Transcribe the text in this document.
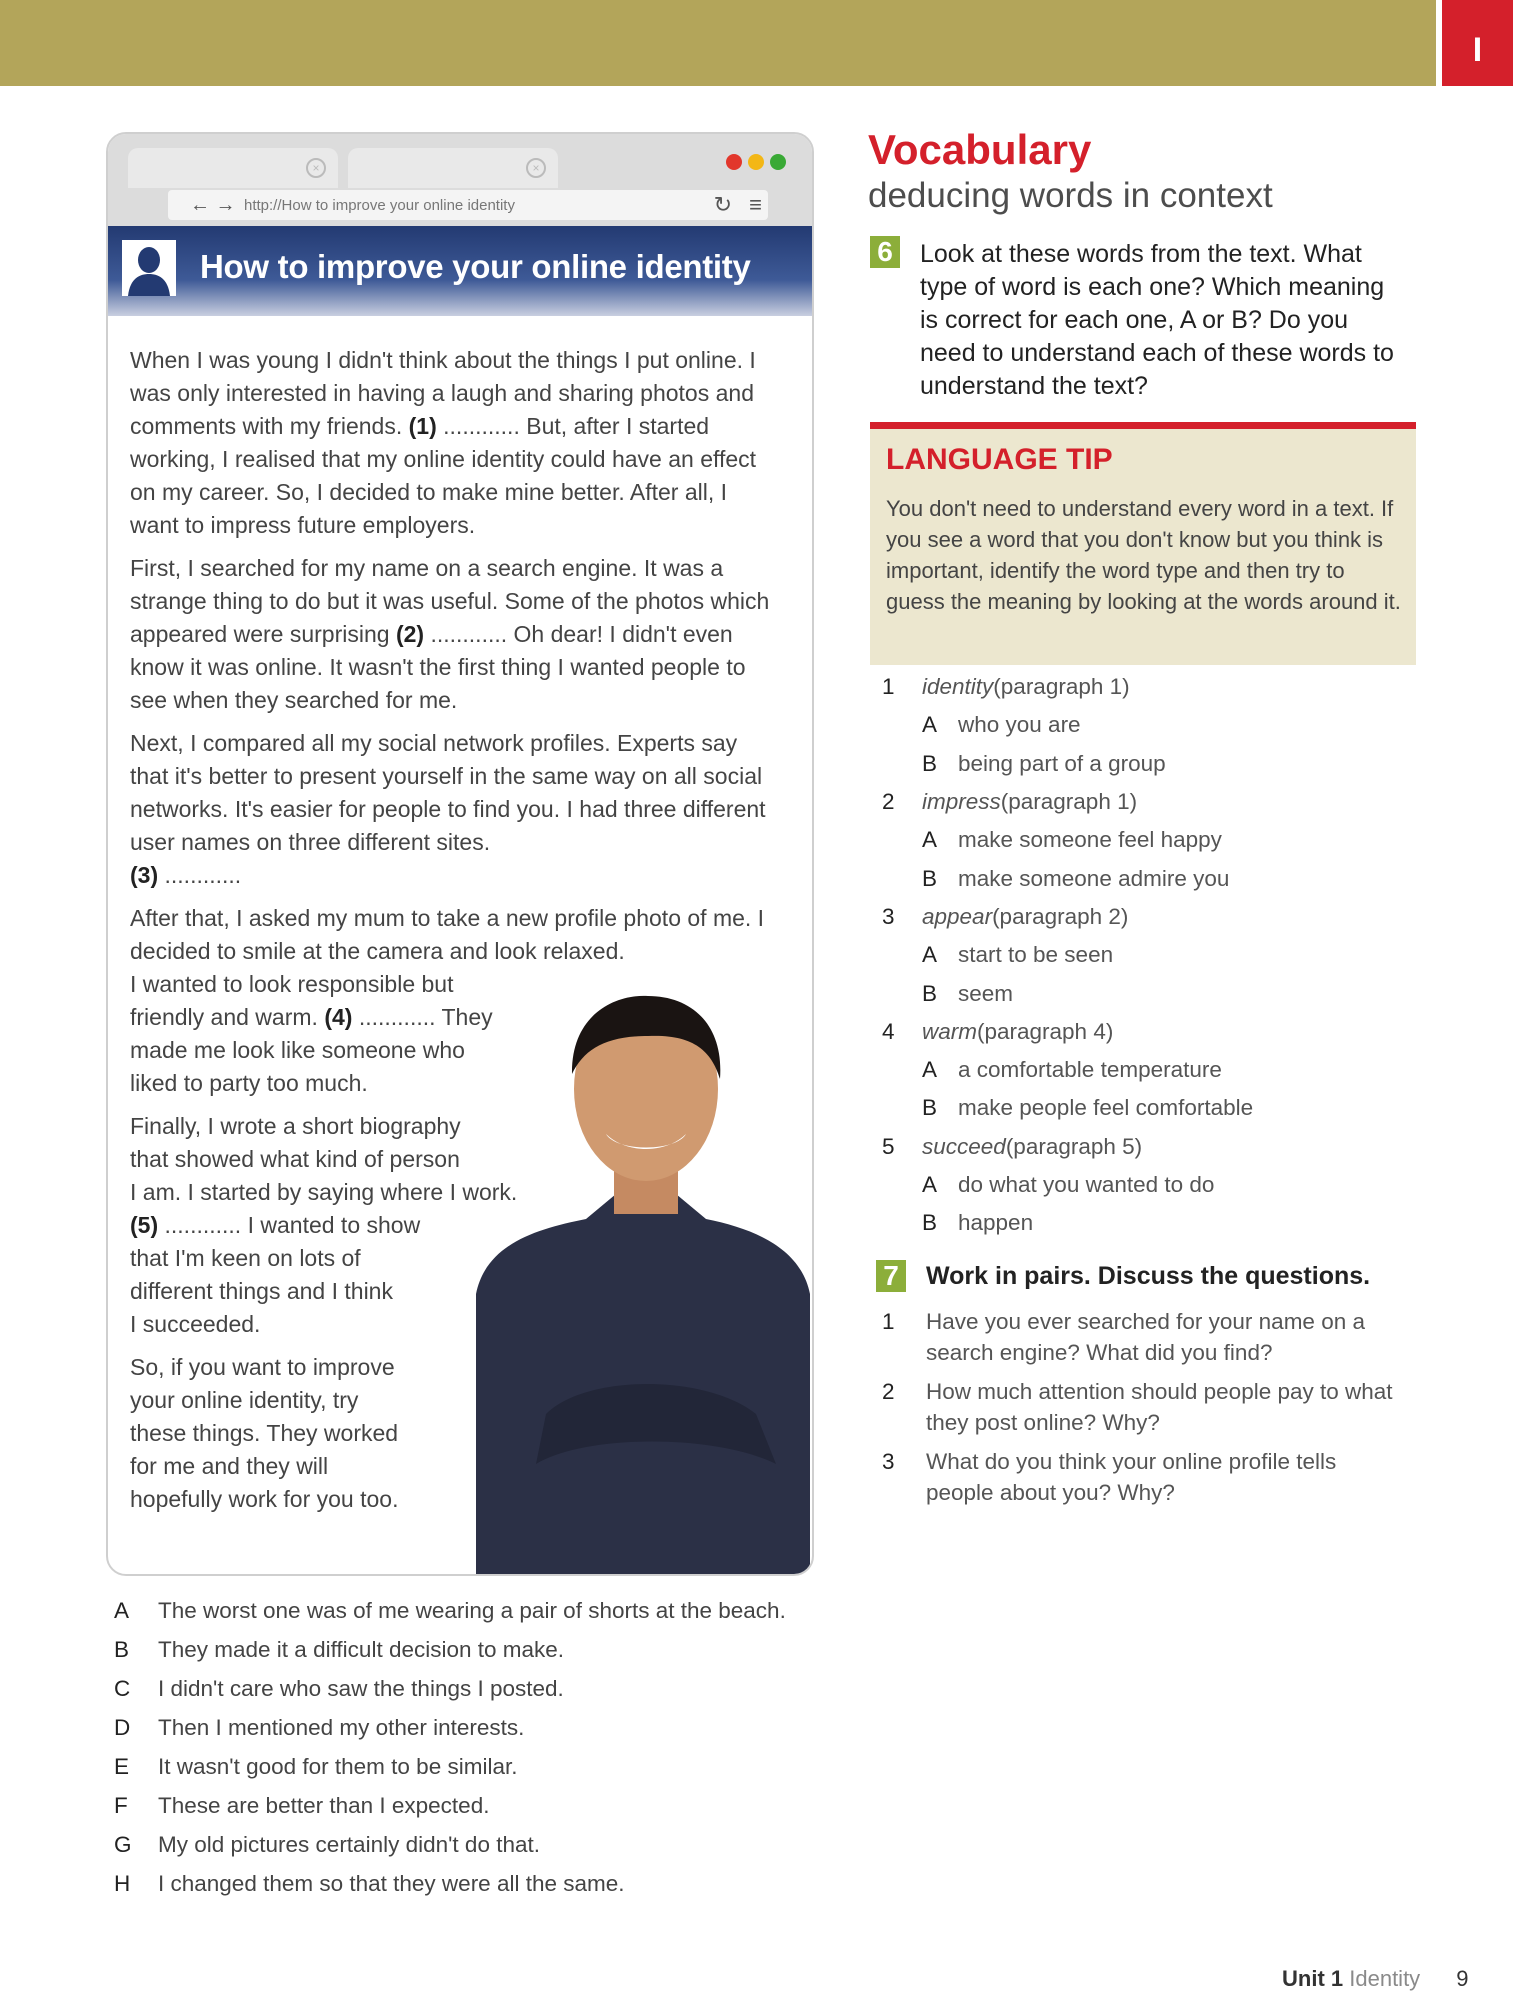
I
×	×
← → http://How to improve your online identity	↻ ≡
How to improve your online identity

When I was young I didn't think about the things I put online. I was only interested in having a laugh and sharing photos and comments with my friends. (1) ............ But, after I started working, I realised that my online identity could have an effect on my career. So, I decided to make mine better. After all, I want to impress future employers.

First, I searched for my name on a search engine. It was a strange thing to do but it was useful. Some of the photos which appeared were surprising (2) ............ Oh dear! I didn't even know it was online. It wasn't the first thing I wanted people to see when they searched for me.

Next, I compared all my social network profiles. Experts say that it's better to present yourself in the same way on all social networks. It's easier for people to find you. I had three different user names on three different sites.
(3) ............

After that, I asked my mum to take a new profile photo of me. I decided to smile at the camera and look relaxed.
I wanted to look responsible but
friendly and warm. (4) ............ They
made me look like someone who
liked to party too much.

Finally, I wrote a short biography
that showed what kind of person
I am. I started by saying where I work.
(5) ............ I wanted to show
that I'm keen on lots of
different things and I think
I succeeded.

So, if you want to improve
your online identity, try
these things. They worked
for me and they will
hopefully work for you too.

A	The worst one was of me wearing a pair of shorts at the beach.
B	They made it a difficult decision to make.
C	I didn't care who saw the things I posted.
D	Then I mentioned my other interests.
E	It wasn't good for them to be similar.
F	These are better than I expected.
G	My old pictures certainly didn't do that.
H	I changed them so that they were all the same.
Vocabulary
deducing words in context
6 Look at these words from the text. What type of word is each one? Which meaning is correct for each one, A or B? Do you need to understand each of these words to understand the text?
LANGUAGE TIP
You don't need to understand every word in a text. If you see a word that you don't know but you think is important, identify the word type and then try to guess the meaning by looking at the words around it.
1	identity (paragraph 1)
A who you are
B being part of a group
2	impress (paragraph 1)
A make someone feel happy
B make someone admire you
3	appear (paragraph 2)
A start to be seen
B seem
4	warm (paragraph 4)
A a comfortable temperature
B make people feel comfortable
5	succeed (paragraph 5)
A do what you wanted to do
B happen
7 Work in pairs. Discuss the questions.
1	Have you ever searched for your name on a search engine? What did you find?
2	How much attention should people pay to what they post online? Why?
3	What do you think your online profile tells people about you? Why?
Unit 1 Identity 9
